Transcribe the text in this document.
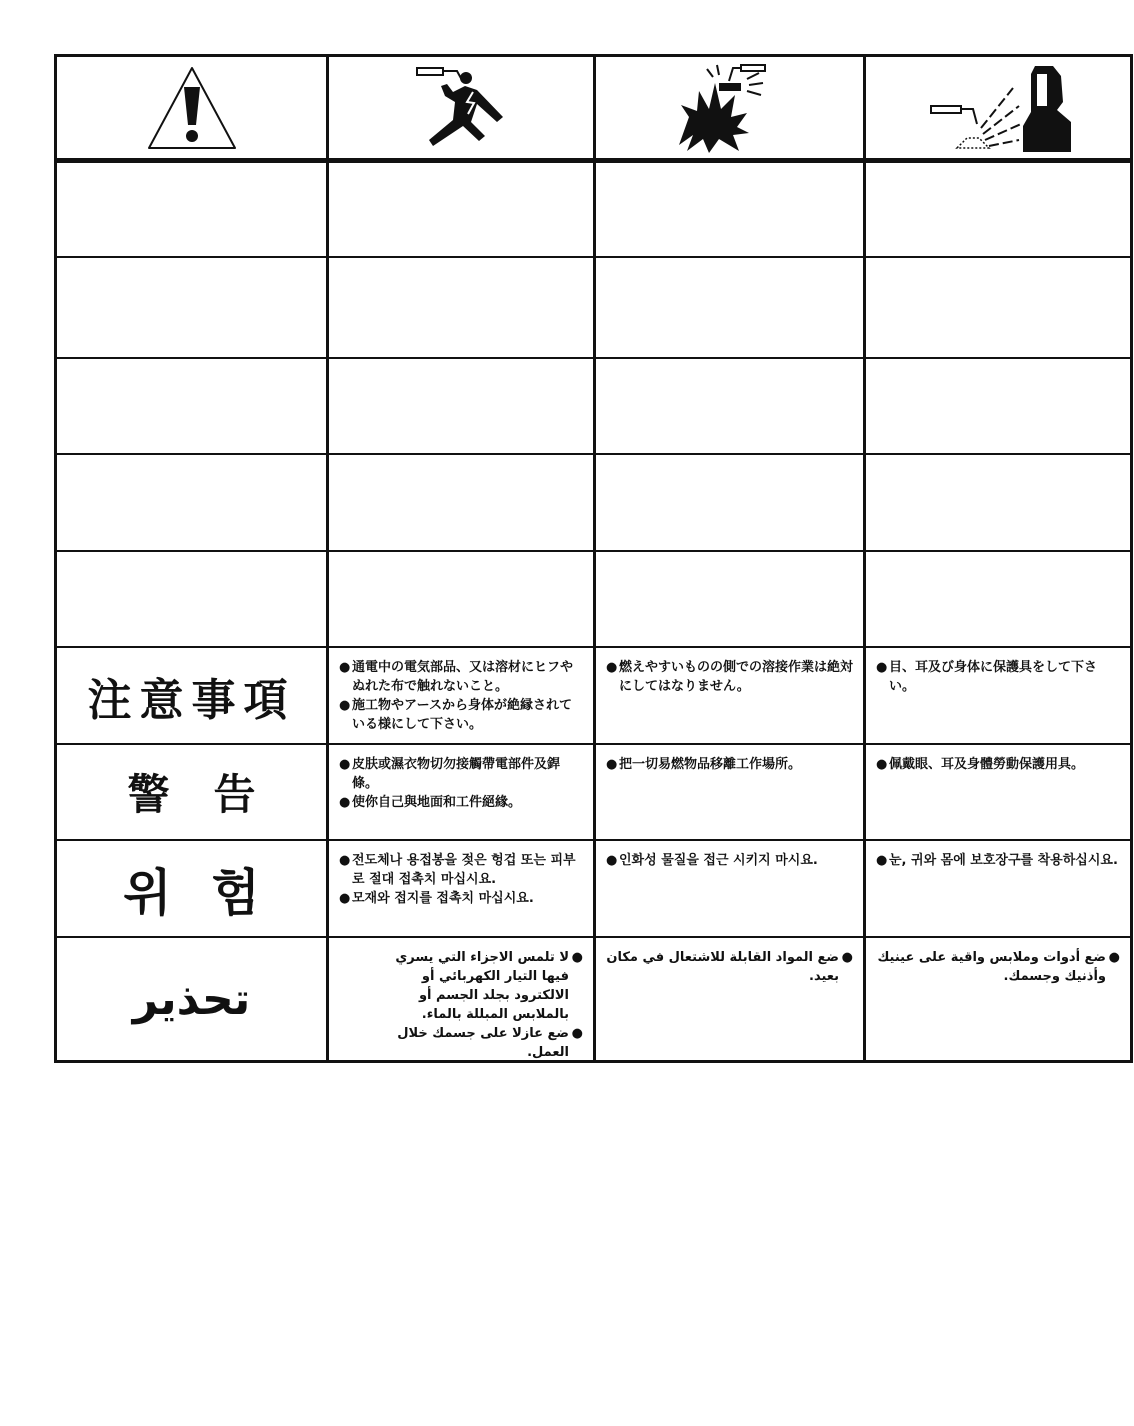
注意事項
● 通電中の電気部品、又は溶材にヒフやぬれた布で触れないこと。
● 施工物やアースから身体が絶縁されている様にして下さい。
● 燃えやすいものの側での溶接作業は絶対にしてはなりません。
● 目、耳及び身体に保護具をして下さい。
警告
● 皮肤或濕衣物切勿接觸帶電部件及銲條。
● 使你自己與地面和工件絕緣。
● 把一切易燃物品移離工作場所。	● 佩戴眼、耳及身體勞動保護用具。
위험
● 전도체나 용접봉을 젖은 헝겁 또는 피부로 절대 접촉치 마십시요.
● 모재와 접지를 접촉치 마십시요.
● 인화성 물질을 접근 시키지 마시요.	● 눈, 귀와 몸에 보호장구를 착용하십시요.
تحذير
●
لا تلمس الاجزاء التي يسري فيها التيار الكهربائي أو الالكترود بجلد الجسم أو بالملابس المبللة بالماء.
●
ضع عازلا على جسمك خلال العمل.
●
ضع المواد القابلة للاشتعال في مكان بعيد.
●
ضع أدوات وملابس واقية على عينيك وأذنيك وجسمك.
